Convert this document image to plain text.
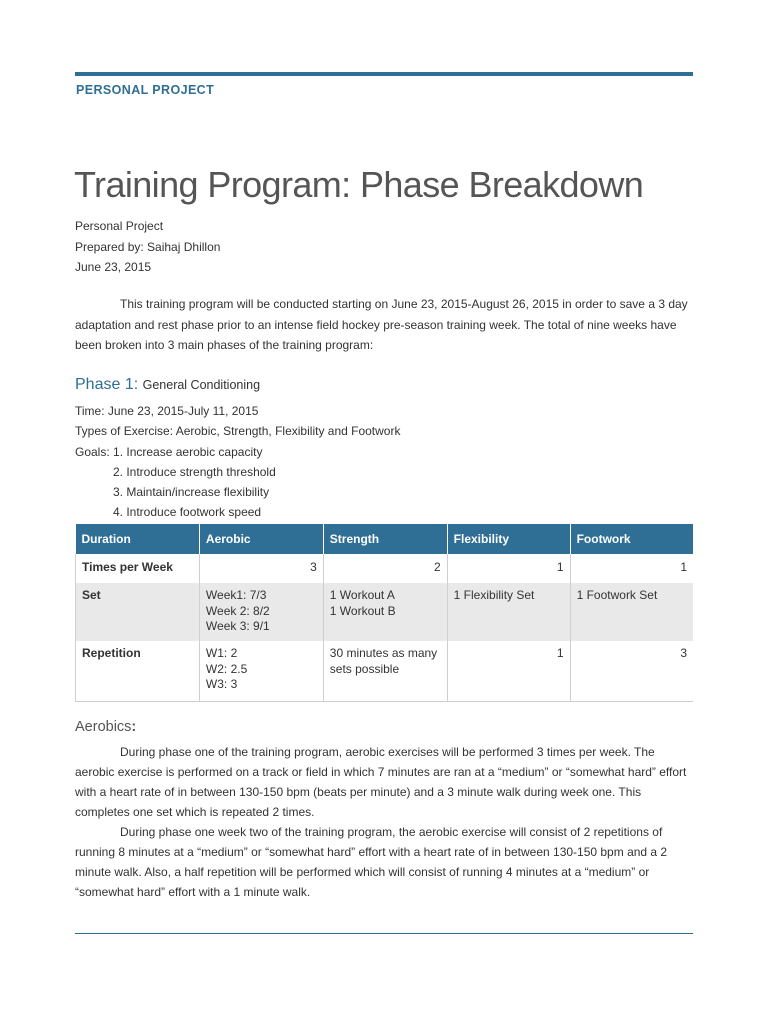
PERSONAL PROJECT
Training Program: Phase Breakdown
Personal Project
Prepared by: Saihaj Dhillon
June 23, 2015

This training program will be conducted starting on June 23, 2015-August 26, 2015 in order to save a 3 day adaptation and rest phase prior to an intense field hockey pre-season training week. The total of nine weeks have been broken into 3 main phases of the training program:

Phase 1: General Conditioning
Time: June 23, 2015-July 11, 2015
Types of Exercise: Aerobic, Strength, Flexibility and Footwork
Goals: 1. Increase aerobic capacity
2. Introduce strength threshold
3. Maintain/increase flexibility
4. Introduce footwork speed
Duration	Aerobic	Strength	Flexibility	Footwork
Times per Week	3	2	1	1
Set	Week1: 7/3
Week 2: 8/2
Week 3: 9/1	1 Workout A
1 Workout B	1 Flexibility Set	1 Footwork Set
Repetition	W1: 2
W2: 2.5
W3: 3	30 minutes as many sets possible	1	3
Aerobics:

During phase one of the training program, aerobic exercises will be performed 3 times per week. The aerobic exercise is performed on a track or field in which 7 minutes are ran at a “medium” or “somewhat hard” effort with a heart rate of in between 130-150 bpm (beats per minute) and a 3 minute walk during week one. This completes one set which is repeated 2 times.

During phase one week two of the training program, the aerobic exercise will consist of 2 repetitions of running 8 minutes at a “medium” or “somewhat hard” effort with a heart rate of in between 130-150 bpm and a 2 minute walk. Also, a half repetition will be performed which will consist of running 4 minutes at a “medium” or “somewhat hard” effort with a 1 minute walk.
